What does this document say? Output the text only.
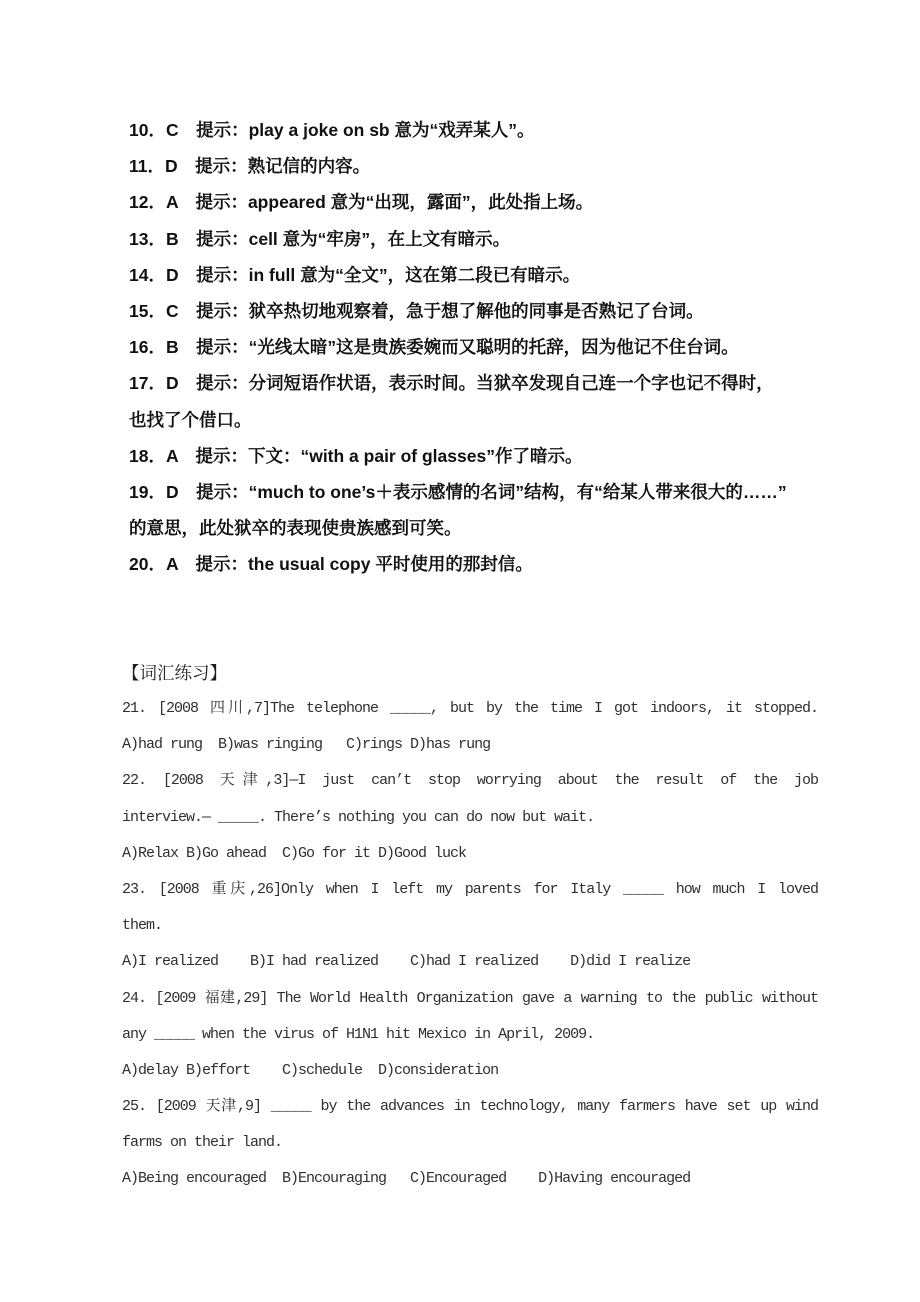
10．C　提示：play a joke on sb 意为“戏弄某人”。
11．D　提示：熟记信的内容。
12．A　提示：appeared 意为“出现，露面”，此处指上场。
13．B　提示：cell 意为“牢房”，在上文有暗示。
14．D　提示：in full 意为“全文”，这在第二段已有暗示。
15．C　提示：狱卒热切地观察着，急于想了解他的同事是否熟记了台词。
16．B　提示：“光线太暗”这是贵族委婉而又聪明的托辞，因为他记不住台词。
17．D　提示：分词短语作状语，表示时间。当狱卒发现自己连一个字也记不得时，
也找了个借口。
18．A　提示：下文：“with a pair of glasses”作了暗示。
19．D　提示：“much to one’s＋表示感情的名词”结构，有“给某人带来很大的……”
的意思，此处狱卒的表现使贵族感到可笑。
20．A　提示：the usual copy 平时使用的那封信。
【词汇练习】
21. [2008 四川,7]The telephone _____, but by the time I got indoors, it stopped.
A)had rung  B)was ringing   C)rings D)has rung
22. [2008 天津,3]—I just can’t stop worrying about the result of the job
interview.— _____. There’s nothing you can do now but wait.
A)Relax B)Go ahead  C)Go for it D)Good luck
23. [2008 重庆,26]Only when I left my parents for Italy _____ how much I loved
them.
A)I realized    B)I had realized    C)had I realized    D)did I realize
24. [2009 福建,29] The World Health Organization gave a warning to the public without
any _____ when the virus of H1N1 hit Mexico in April, 2009.
A)delay B)effort    C)schedule  D)consideration
25. [2009 天津,9] _____ by the advances in technology, many farmers have set up wind
farms on their land.
A)Being encouraged  B)Encouraging   C)Encouraged    D)Having encouraged
